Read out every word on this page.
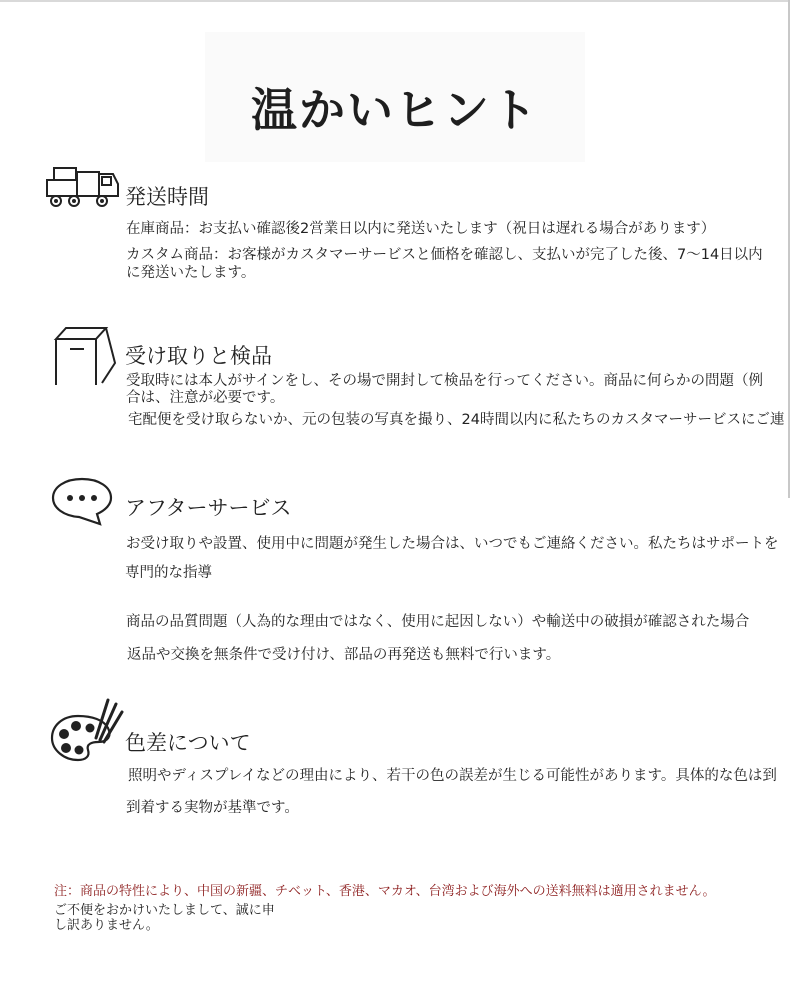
温かいヒント
発送時間
在庫商品：お支払い確認後2営業日以内に発送いたします（祝日は遅れる場合があります）
カスタム商品：お客様がカスタマーサービスと価格を確認し、支払いが完了した後、7〜14日以内に発送いたします。
受け取りと検品
受取時には本人がサインをし、その場で開封して検品を行ってください。商品に何らかの問題（例
合は、注意が必要です。
宅配便を受け取らないか、元の包装の写真を撮り、24時間以内に私たちのカスタマーサービスにご連
アフターサービス
お受け取りや設置、使用中に問題が発生した場合は、いつでもご連絡ください。私たちはサポートを
専門的な指導
商品の品質問題（人為的な理由ではなく、使用に起因しない）や輸送中の破損が確認された場合
返品や交換を無条件で受け付け、部品の再発送も無料で行います。
色差について
照明やディスプレイなどの理由により、若干の色の誤差が生じる可能性があります。具体的な色は到
到着する実物が基準です。
注：商品の特性により、中国の新疆、チベット、香港、マカオ、台湾および海外への送料無料は適用されません。
ご不便をおかけいたしまして、誠に申し訳ありません。
